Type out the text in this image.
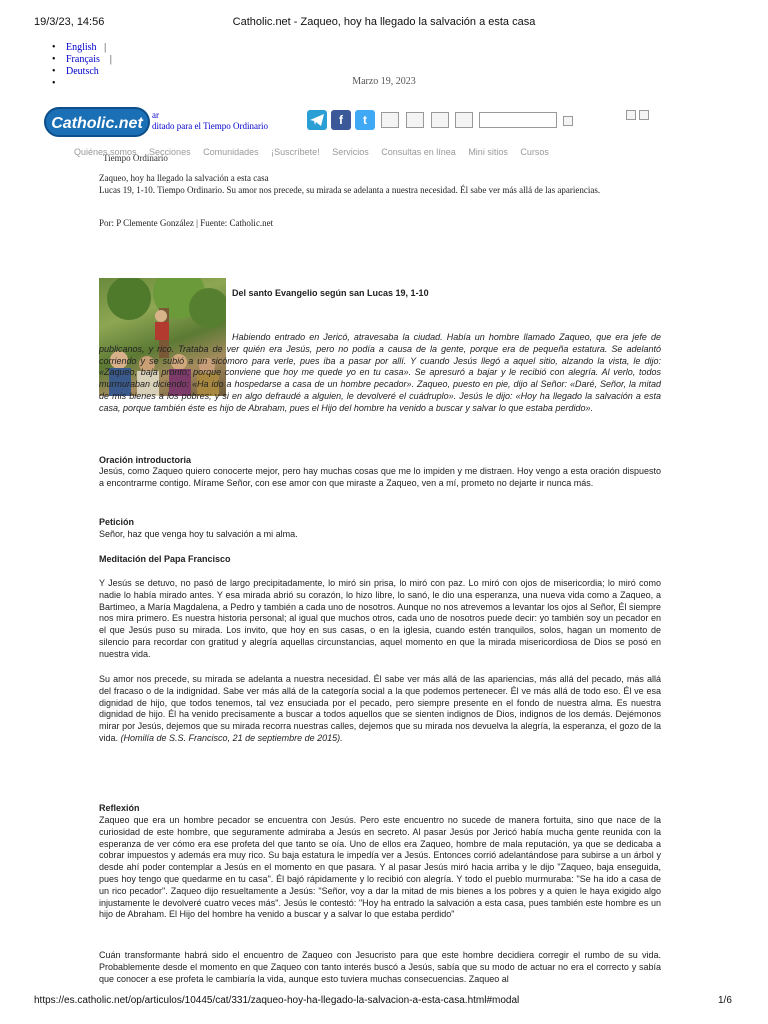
19/3/23, 14:56	Catholic.net - Zaqueo, hoy ha llegado la salvación a esta casa
• English |
• Français |
• Deutsch
•
Marzo 19, 2023
Catholic.net	ar
ditado para el Tiempo Ordinario	f	t
Tiempo Ordinario
Quiénes somos Secciones Comunidades ¡Suscríbete! Servicios Consultas en línea Mini sitios Cursos
Zaqueo, hoy ha llegado la salvación a esta casa
Lucas 19, 1-10. Tiempo Ordinario. Su amor nos precede, su mirada se adelanta a nuestra necesidad. Él sabe ver más allá de las apariencias.
Por: P Clemente González | Fuente: Catholic.net
Del santo Evangelio según san Lucas 19, 1-10
Habiendo entrado en Jericó, atravesaba la ciudad. Había un hombre llamado Zaqueo, que era jefe de publicanos, y rico. Trataba de ver quién era Jesús, pero no podía a causa de la gente, porque era de pequeña estatura. Se adelantó corriendo y se subió a un sicómoro para verle, pues iba a pasar por allí. Y cuando Jesús llegó a aquel sitio, alzando la vista, le dijo: «Zaqueo, baja pronto; porque conviene que hoy me quede yo en tu casa». Se apresuró a bajar y le recibió con alegría. Al verlo, todos murmuraban diciendo: «Ha ido a hospedarse a casa de un hombre pecador». Zaqueo, puesto en pie, dijo al Señor: «Daré, Señor, la mitad de mis bienes a los pobres; y si en algo defraudé a alguien, le devolveré el cuádruplo». Jesús le dijo: «Hoy ha llegado la salvación a esta casa, porque también éste es hijo de Abraham, pues el Hijo del hombre ha venido a buscar y salvar lo que estaba perdido».
Oración introductoria
Jesús, como Zaqueo quiero conocerte mejor, pero hay muchas cosas que me lo impiden y me distraen. Hoy vengo a esta oración dispuesto a encontrarme contigo. Mírame Señor, con ese amor con que miraste a Zaqueo, ven a mí, prometo no dejarte ir nunca más.
Petición
Señor, haz que venga hoy tu salvación a mi alma.
Meditación del Papa Francisco
Y Jesús se detuvo, no pasó de largo precipitadamente, lo miró sin prisa, lo miró con paz. Lo miró con ojos de misericordia; lo miró como nadie lo había mirado antes. Y esa mirada abrió su corazón, lo hizo libre, lo sanó, le dio una esperanza, una nueva vida como a Zaqueo, a Bartimeo, a María Magdalena, a Pedro y también a cada uno de nosotros. Aunque no nos atrevemos a levantar los ojos al Señor, Él siempre nos mira primero. Es nuestra historia personal; al igual que muchos otros, cada uno de nosotros puede decir: yo también soy un pecador en el que Jesús puso su mirada. Los invito, que hoy en sus casas, o en la iglesia, cuando estén tranquilos, solos, hagan un momento de silencio para recordar con gratitud y alegría aquellas circunstancias, aquel momento en que la mirada misericordiosa de Dios se posó en nuestra vida.
Su amor nos precede, su mirada se adelanta a nuestra necesidad. Él sabe ver más allá de las apariencias, más allá del pecado, más allá del fracaso o de la indignidad. Sabe ver más allá de la categoría social a la que podemos pertenecer. Él ve más allá de todo eso. Él ve esa dignidad de hijo, que todos tenemos, tal vez ensuciada por el pecado, pero siempre presente en el fondo de nuestra alma. Es nuestra dignidad de hijo. Él ha venido precisamente a buscar a todos aquellos que se sienten indignos de Dios, indignos de los demás. Dejémonos mirar por Jesús, dejemos que su mirada recorra nuestras calles, dejemos que su mirada nos devuelva la alegría, la esperanza, el gozo de la vida. (Homilía de S.S. Francisco, 21 de septiembre de 2015).
Reflexión
Zaqueo que era un hombre pecador se encuentra con Jesús. Pero este encuentro no sucede de manera fortuita, sino que nace de la curiosidad de este hombre, que seguramente admiraba a Jesús en secreto. Al pasar Jesús por Jericó había mucha gente reunida con la esperanza de ver cómo era ese profeta del que tanto se oía. Uno de ellos era Zaqueo, hombre de mala reputación, ya que se dedicaba a cobrar impuestos y además era muy rico. Su baja estatura le impedía ver a Jesús. Entonces corrió adelantándose para subirse a un árbol y desde ahí poder contemplar a Jesús en el momento en que pasara. Y al pasar Jesús miró hacia arriba y le dijo "Zaqueo, baja enseguida, pues hoy tengo que quedarme en tu casa". Él bajó rápidamente y lo recibió con alegría. Y todo el pueblo murmuraba: "Se ha ido a casa de un rico pecador". Zaqueo dijo resueltamente a Jesús: "Señor, voy a dar la mitad de mis bienes a los pobres y a quien le haya exigido algo injustamente le devolveré cuatro veces más". Jesús le contestó: "Hoy ha entrado la salvación a esta casa, pues también este hombre es un hijo de Abraham. El Hijo del hombre ha venido a buscar y a salvar lo que estaba perdido"
Cuán transformante habrá sido el encuentro de Zaqueo con Jesucristo para que este hombre decidiera corregir el rumbo de su vida. Probablemente desde el momento en que Zaqueo con tanto interés buscó a Jesús, sabía que su modo de actuar no era el correcto y sabía que conocer a ese profeta le cambiaría la vida, aunque esto tuviera muchas consecuencias. Zaqueo al
https://es.catholic.net/op/articulos/10445/cat/331/zaqueo-hoy-ha-llegado-la-salvacion-a-esta-casa.html#modal	1/6
